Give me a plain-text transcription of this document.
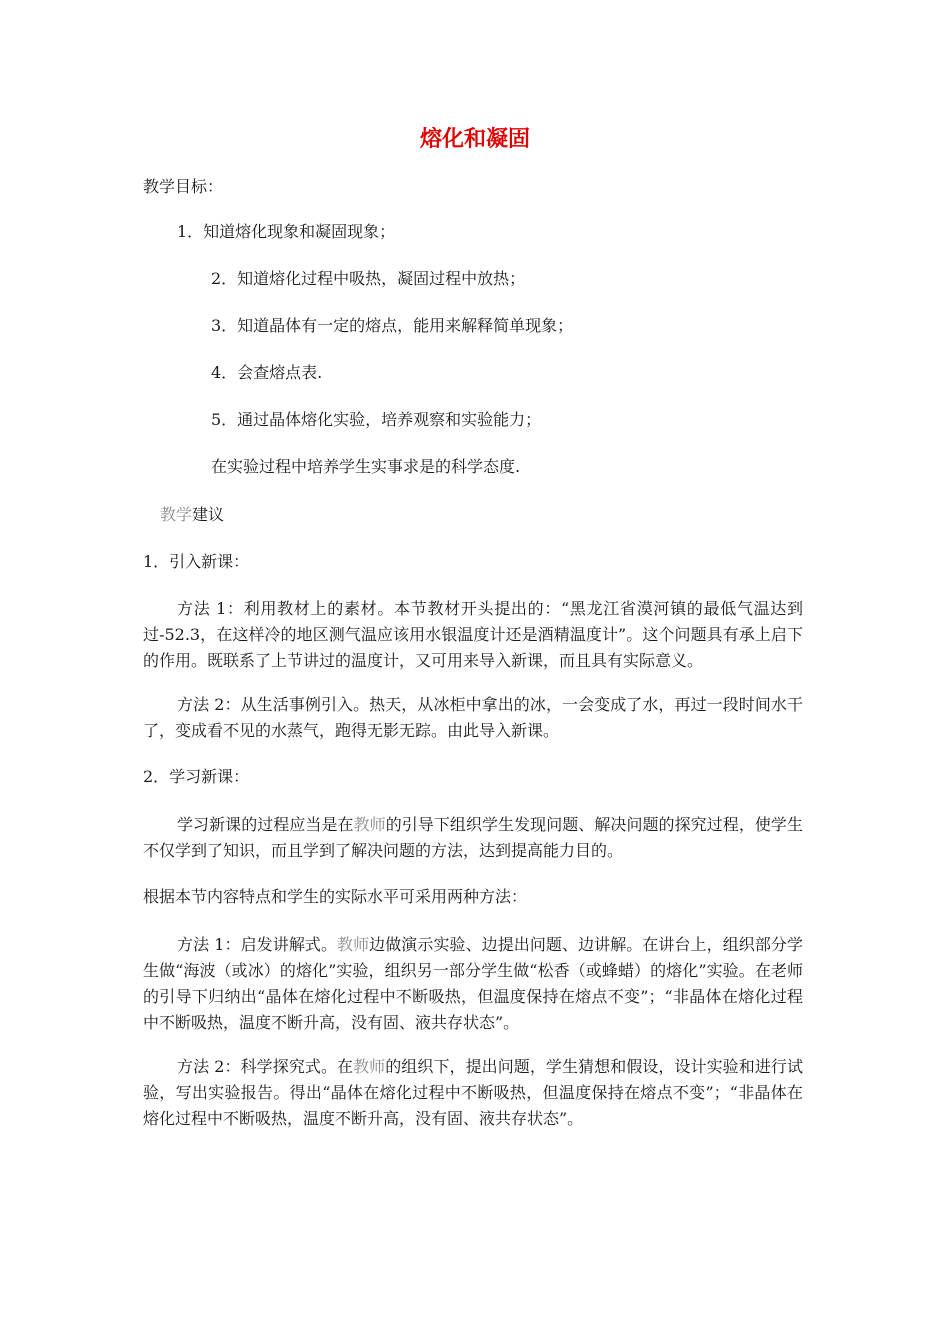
熔化和凝固
教学目标：
1．知道熔化现象和凝固现象；
2．知道熔化过程中吸热，凝固过程中放热；
3．知道晶体有一定的熔点，能用来解释简单现象；
4．会查熔点表.
5．通过晶体熔化实验，培养观察和实验能力；
在实验过程中培养学生实事求是的科学态度.
教学建议
1．引入新课：
方法 1：利用教材上的素材。本节教材开头提出的：“黑龙江省漠河镇的最低气温达到过-52.3，在这样冷的地区测气温应该用水银温度计还是酒精温度计”。这个问题具有承上启下的作用。既联系了上节讲过的温度计，又可用来导入新课，而且具有实际意义。
方法 2：从生活事例引入。热天，从冰柜中拿出的冰，一会变成了水，再过一段时间水干了，变成看不见的水蒸气，跑得无影无踪。由此导入新课。
2．学习新课：
学习新课的过程应当是在教师的引导下组织学生发现问题、解决问题的探究过程，使学生不仅学到了知识，而且学到了解决问题的方法，达到提高能力目的。
根据本节内容特点和学生的实际水平可采用两种方法：
方法 1：启发讲解式。教师边做演示实验、边提出问题、边讲解。在讲台上，组织部分学生做“海波（或冰）的熔化”实验，组织另一部分学生做“松香（或蜂蜡）的熔化”实验。在老师的引导下归纳出“晶体在熔化过程中不断吸热，但温度保持在熔点不变”；“非晶体在熔化过程中不断吸热，温度不断升高，没有固、液共存状态”。
方法 2：科学探究式。在教师的组织下，提出问题，学生猜想和假设，设计实验和进行试验，写出实验报告。得出“晶体在熔化过程中不断吸热，但温度保持在熔点不变”；“非晶体在熔化过程中不断吸热，温度不断升高，没有固、液共存状态”。
